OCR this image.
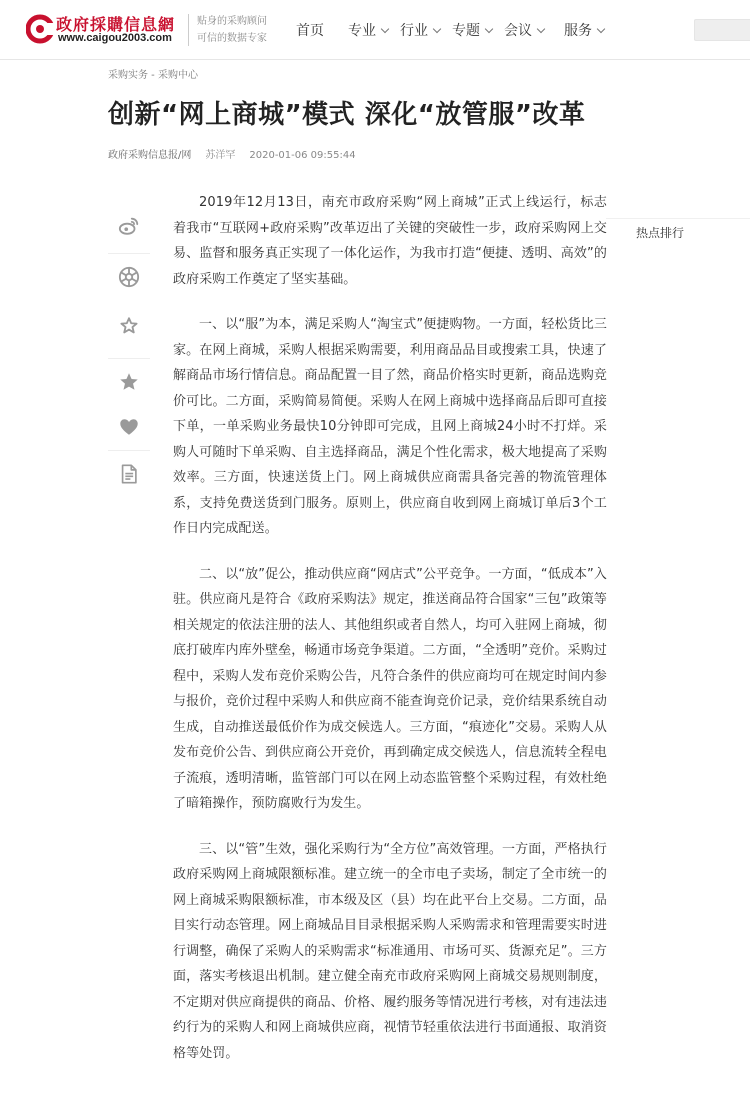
政府採購信息網
www.caigou2003.com
贴身的采购顾问
可信的数据专家 首页 专业	行业	专题	会议	服务
采购实务 - 采购中心
创新“网上商城”模式 深化“放管服”改革
政府采购信息报/网 苏洋罕 2020-01-06 09:55:44
热点排行

2019年12月13日，南充市政府采购“网上商城”正式上线运行，标志着我市“互联网+政府采购”改革迈出了关键的突破性一步，政府采购网上交易、监督和服务真正实现了一体化运作，为我市打造“便捷、透明、高效”的政府采购工作奠定了坚实基础。

一、以“服”为本，满足采购人“淘宝式”便捷购物。一方面，轻松货比三家。在网上商城，采购人根据采购需要，利用商品品目或搜索工具，快速了解商品市场行情信息。商品配置一目了然，商品价格实时更新，商品选购竞价可比。二方面，采购简易简便。采购人在网上商城中选择商品后即可直接下单，一单采购业务最快10分钟即可完成，且网上商城24小时不打烊。采购人可随时下单采购、自主选择商品，满足个性化需求，极大地提高了采购效率。三方面，快速送货上门。网上商城供应商需具备完善的物流管理体系，支持免费送货到门服务。原则上，供应商自收到网上商城订单后3个工作日内完成配送。

二、以“放”促公，推动供应商“网店式”公平竞争。一方面，“低成本”入驻。供应商凡是符合《政府采购法》规定，推送商品符合国家“三包”政策等相关规定的依法注册的法人、其他组织或者自然人，均可入驻网上商城，彻底打破库内库外壁垒，畅通市场竞争渠道。二方面，“全透明”竞价。采购过程中，采购人发布竞价采购公告，凡符合条件的供应商均可在规定时间内参与报价，竞价过程中采购人和供应商不能查询竞价记录，竞价结果系统自动生成，自动推送最低价作为成交候选人。三方面，“痕迹化”交易。采购人从发布竞价公告、到供应商公开竞价，再到确定成交候选人，信息流转全程电子流痕，透明清晰，监管部门可以在网上动态监管整个采购过程，有效杜绝了暗箱操作，预防腐败行为发生。

三、以“管”生效，强化采购行为“全方位”高效管理。一方面，严格执行政府采购网上商城限额标准。建立统一的全市电子卖场，制定了全市统一的网上商城采购限额标准，市本级及区（县）均在此平台上交易。二方面，品目实行动态管理。网上商城品目目录根据采购人采购需求和管理需要实时进行调整，确保了采购人的采购需求“标准通用、市场可买、货源充足”。三方面，落实考核退出机制。建立健全南充市政府采购网上商城交易规则制度，不定期对供应商提供的商品、价格、履约服务等情况进行考核，对有违法违约行为的采购人和网上商城供应商，视情节轻重依法进行书面通报、取消资格等处罚。
